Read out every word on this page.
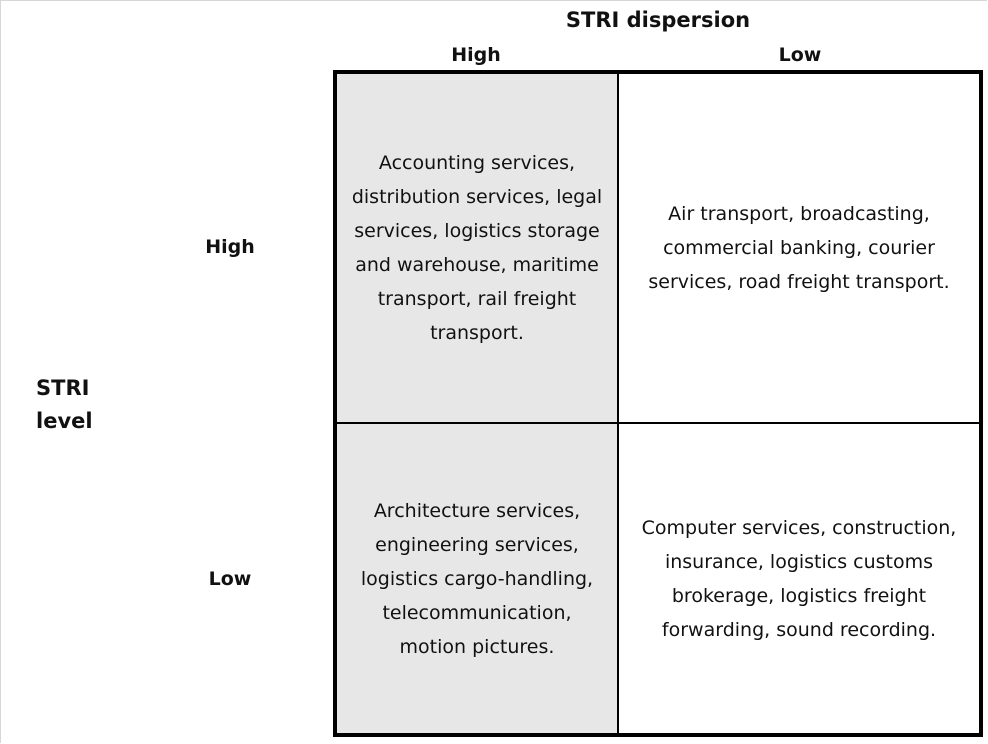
STRI dispersion
High	Low
STRI
level
High
Low
Accounting services,
distribution services, legal
services, logistics storage
and warehouse, maritime
transport, rail freight
transport.
Air transport, broadcasting,
commercial banking, courier
services, road freight transport.
Architecture services,
engineering services,
logistics cargo-handling,
telecommunication,
motion pictures.
Computer services, construction,
insurance, logistics customs
brokerage, logistics freight
forwarding, sound recording.
